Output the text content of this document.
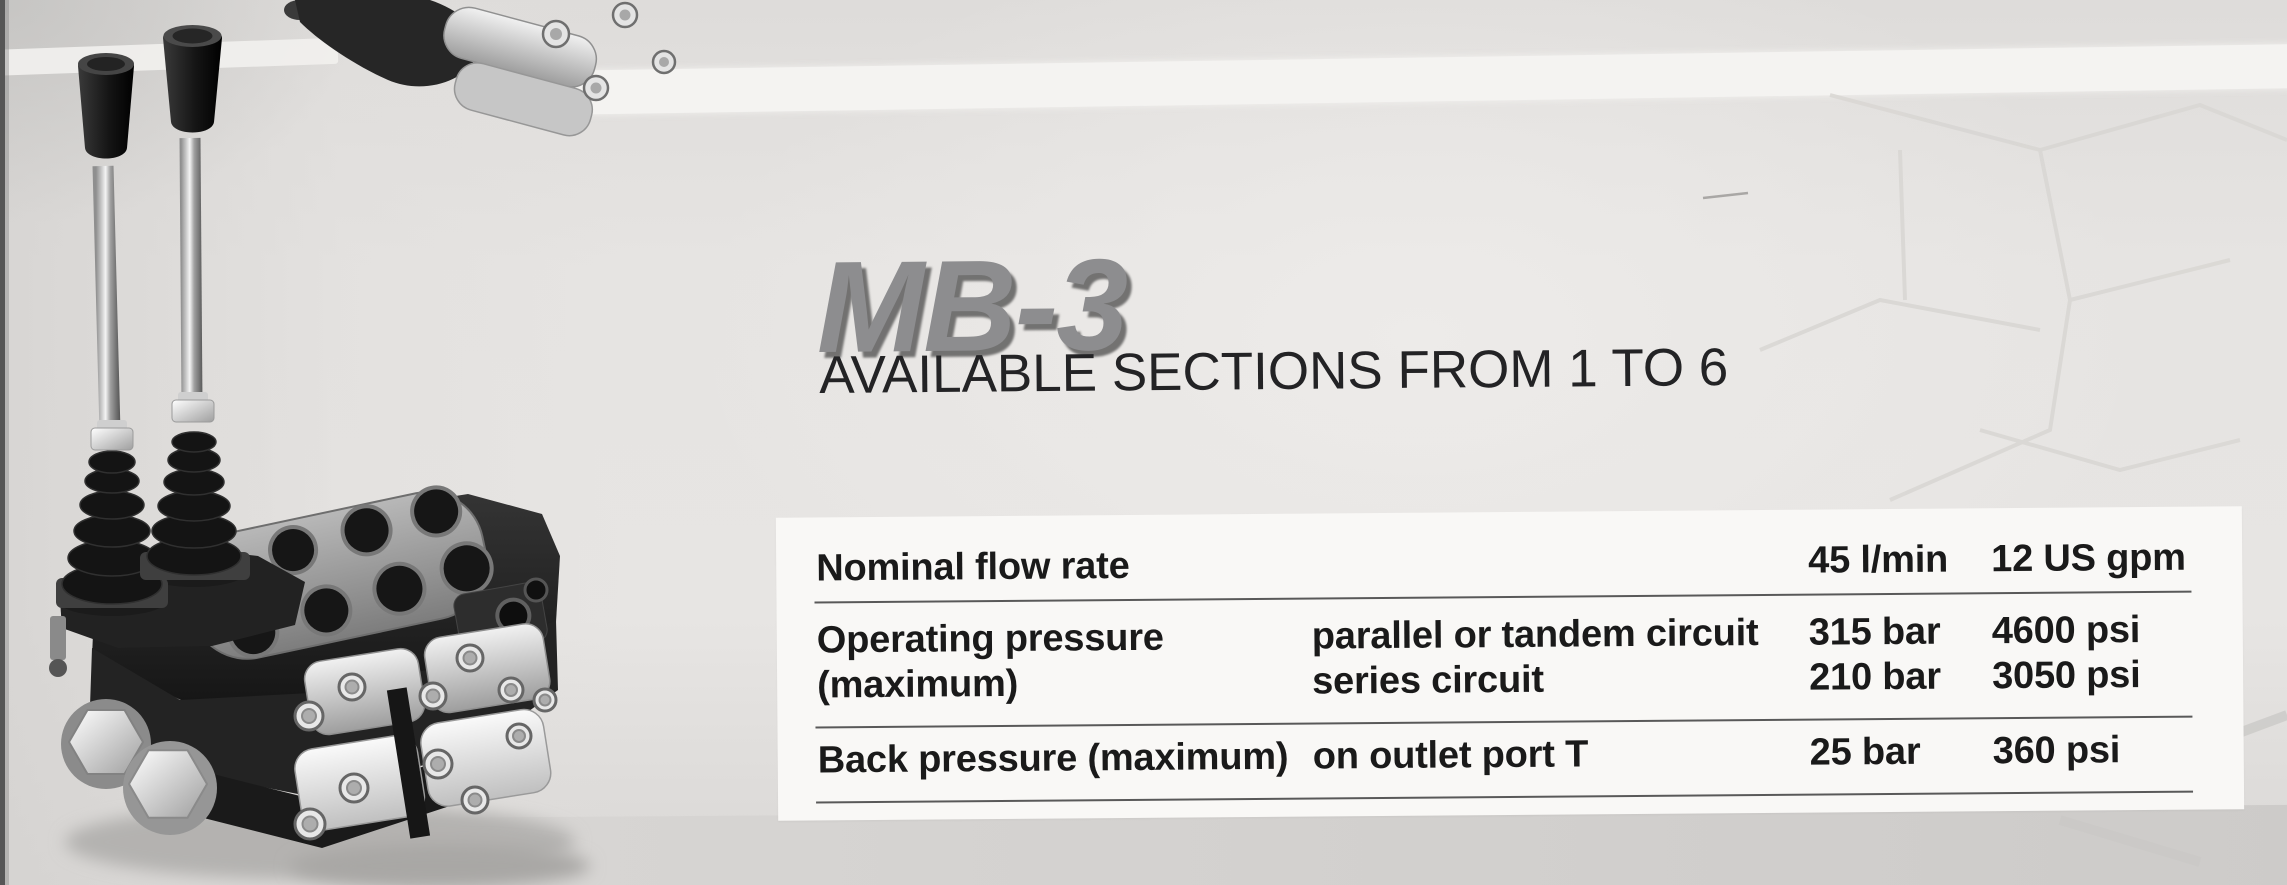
MB-3
AVAILABLE SECTIONS FROM 1 TO 6
Nominal flow rate	45 l/min 12 US gpm
Operating pressure
(maximum)
parallel or tandem circuit
series circuit
315 bar
210 bar
4600 psi
3050 psi
Back pressure (maximum) on outlet port T	25 bar 360 psi
